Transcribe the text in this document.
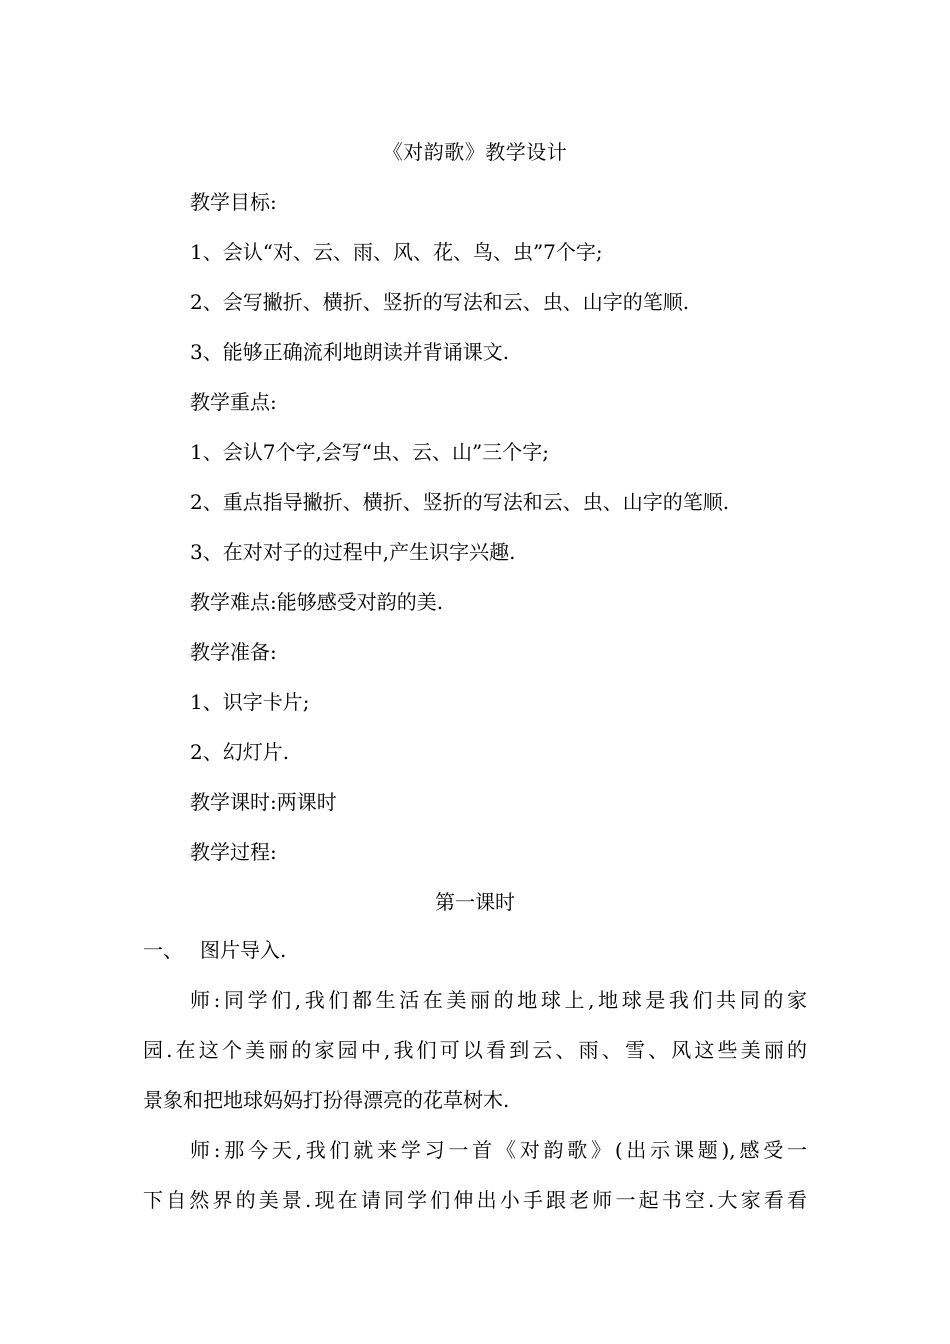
《对韵歌》教学设计
教学目标:
1、会认“对、云、雨、风、花、鸟、虫”7个字;
2、会写撇折、横折、竖折的写法和云、虫、山字的笔顺.
3、能够正确流利地朗读并背诵课文.
教学重点:
1、会认7个字,会写“虫、云、山”三个字;
2、重点指导撇折、横折、竖折的写法和云、虫、山字的笔顺.
3、在对对子的过程中,产生识字兴趣.
教学难点:能够感受对韵的美.
教学准备:
1、识字卡片;
2、幻灯片.
教学课时:两课时
教学过程:
第一课时
一、 图片导入.
师:同学们,我们都生活在美丽的地球上,地球是我们共同的家
园.在这个美丽的家园中,我们可以看到云、雨、雪、风这些美丽的
景象和把地球妈妈打扮得漂亮的花草树木.
师:那今天,我们就来学习一首《对韵歌》(出示课题),感受一
下自然界的美景.现在请同学们伸出小手跟老师一起书空.大家看看
